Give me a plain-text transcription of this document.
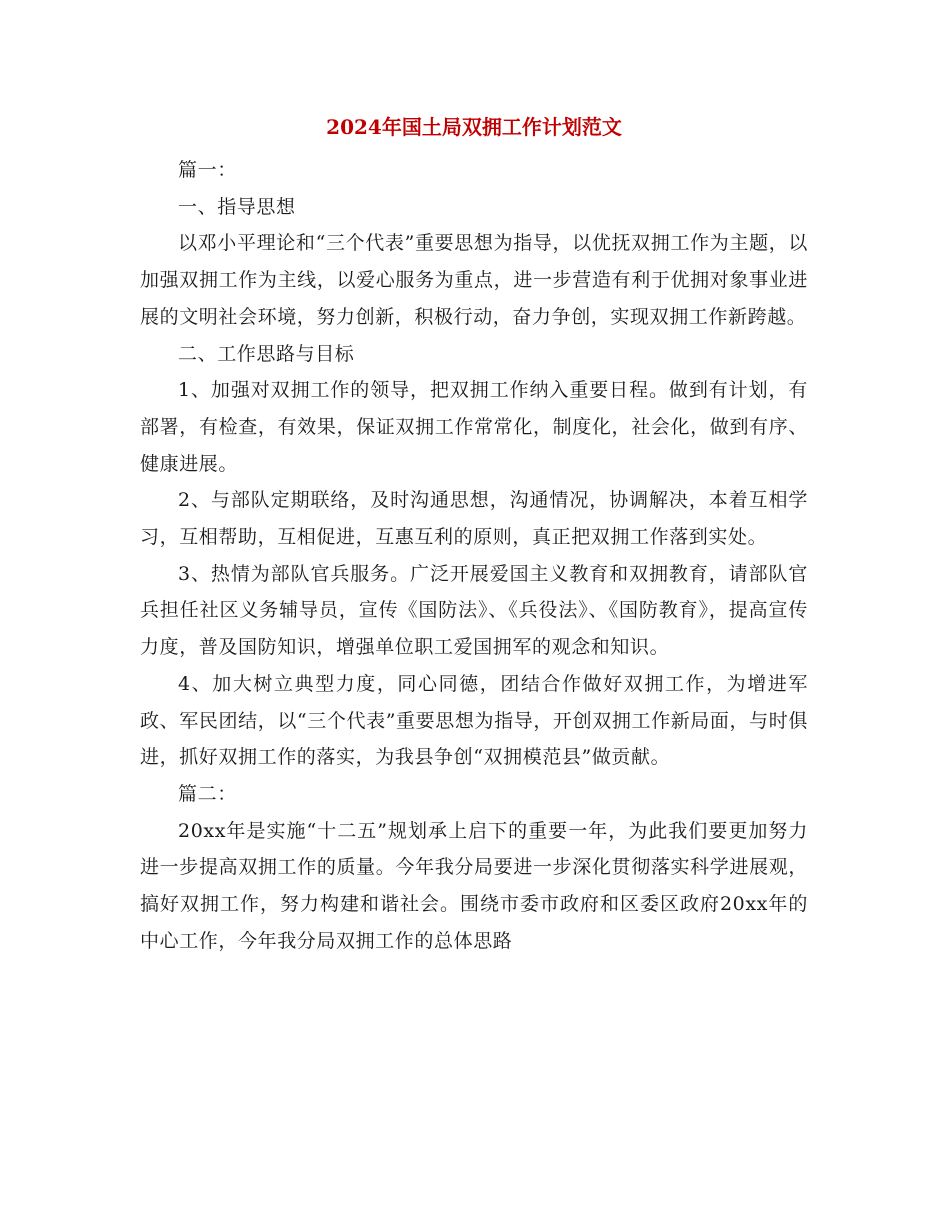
2024年国土局双拥工作计划范文

篇一：

一、指导思想

以邓小平理论和“三个代表”重要思想为指导，以优抚双拥工作为主题，以加强双拥工作为主线，以爱心服务为重点，进一步营造有利于优拥对象事业进展的文明社会环境，努力创新，积极行动，奋力争创，实现双拥工作新跨越。

二、工作思路与目标

1、加强对双拥工作的领导，把双拥工作纳入重要日程。做到有计划，有部署，有检查，有效果，保证双拥工作常常化，制度化，社会化，做到有序、健康进展。

2、与部队定期联络，及时沟通思想，沟通情况，协调解决，本着互相学习，互相帮助，互相促进，互惠互利的原则，真正把双拥工作落到实处。

3、热情为部队官兵服务。广泛开展爱国主义教育和双拥教育，请部队官兵担任社区义务辅导员，宣传《国防法》、《兵役法》、《国防教育》，提高宣传力度，普及国防知识，增强单位职工爱国拥军的观念和知识。

4、加大树立典型力度，同心同德，团结合作做好双拥工作，为增进军政、军民团结，以“三个代表”重要思想为指导，开创双拥工作新局面，与时俱进，抓好双拥工作的落实，为我县争创“双拥模范县”做贡献。

篇二：

20xx年是实施“十二五”规划承上启下的重要一年，为此我们要更加努力进一步提高双拥工作的质量。今年我分局要进一步深化贯彻落实科学进展观，搞好双拥工作，努力构建和谐社会。围绕市委市政府和区委区政府20xx年的中心工作，今年我分局双拥工作的总体思路
